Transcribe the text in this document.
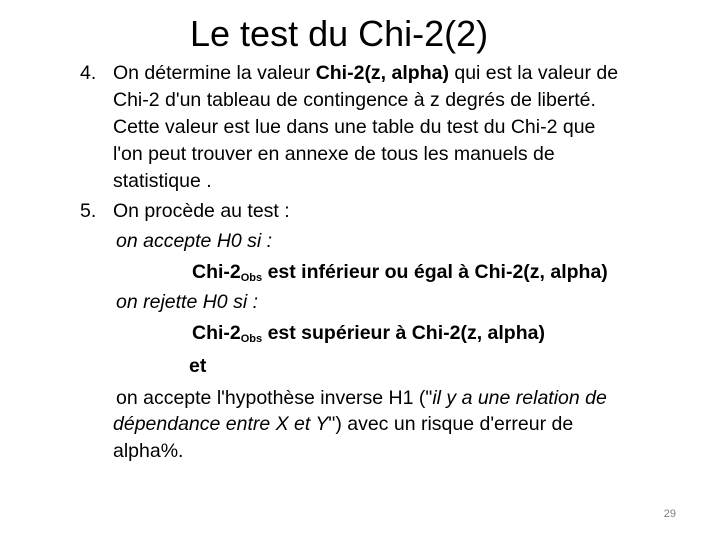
Le test du Chi-2(2)
4. On détermine la valeur Chi-2(z, alpha) qui est la valeur de
Chi-2 d'un tableau de contingence à z degrés de liberté.
Cette valeur est lue dans une table du test du Chi-2 que
l'on peut trouver en annexe de tous les manuels de
statistique .
5. On procède au test :
on accepte H0 si :
Chi-$2_{Obs}$ est inférieur ou égal à Chi-2(z, alpha)
on rejette H0 si :
Chi-$2_{Obs}$ est supérieur à Chi-2(z, alpha)
et
on accepte l'hypothèse inverse H1 ("il y a une relation de
dépendance entre X et Y") avec un risque d'erreur de
alpha%.
29
